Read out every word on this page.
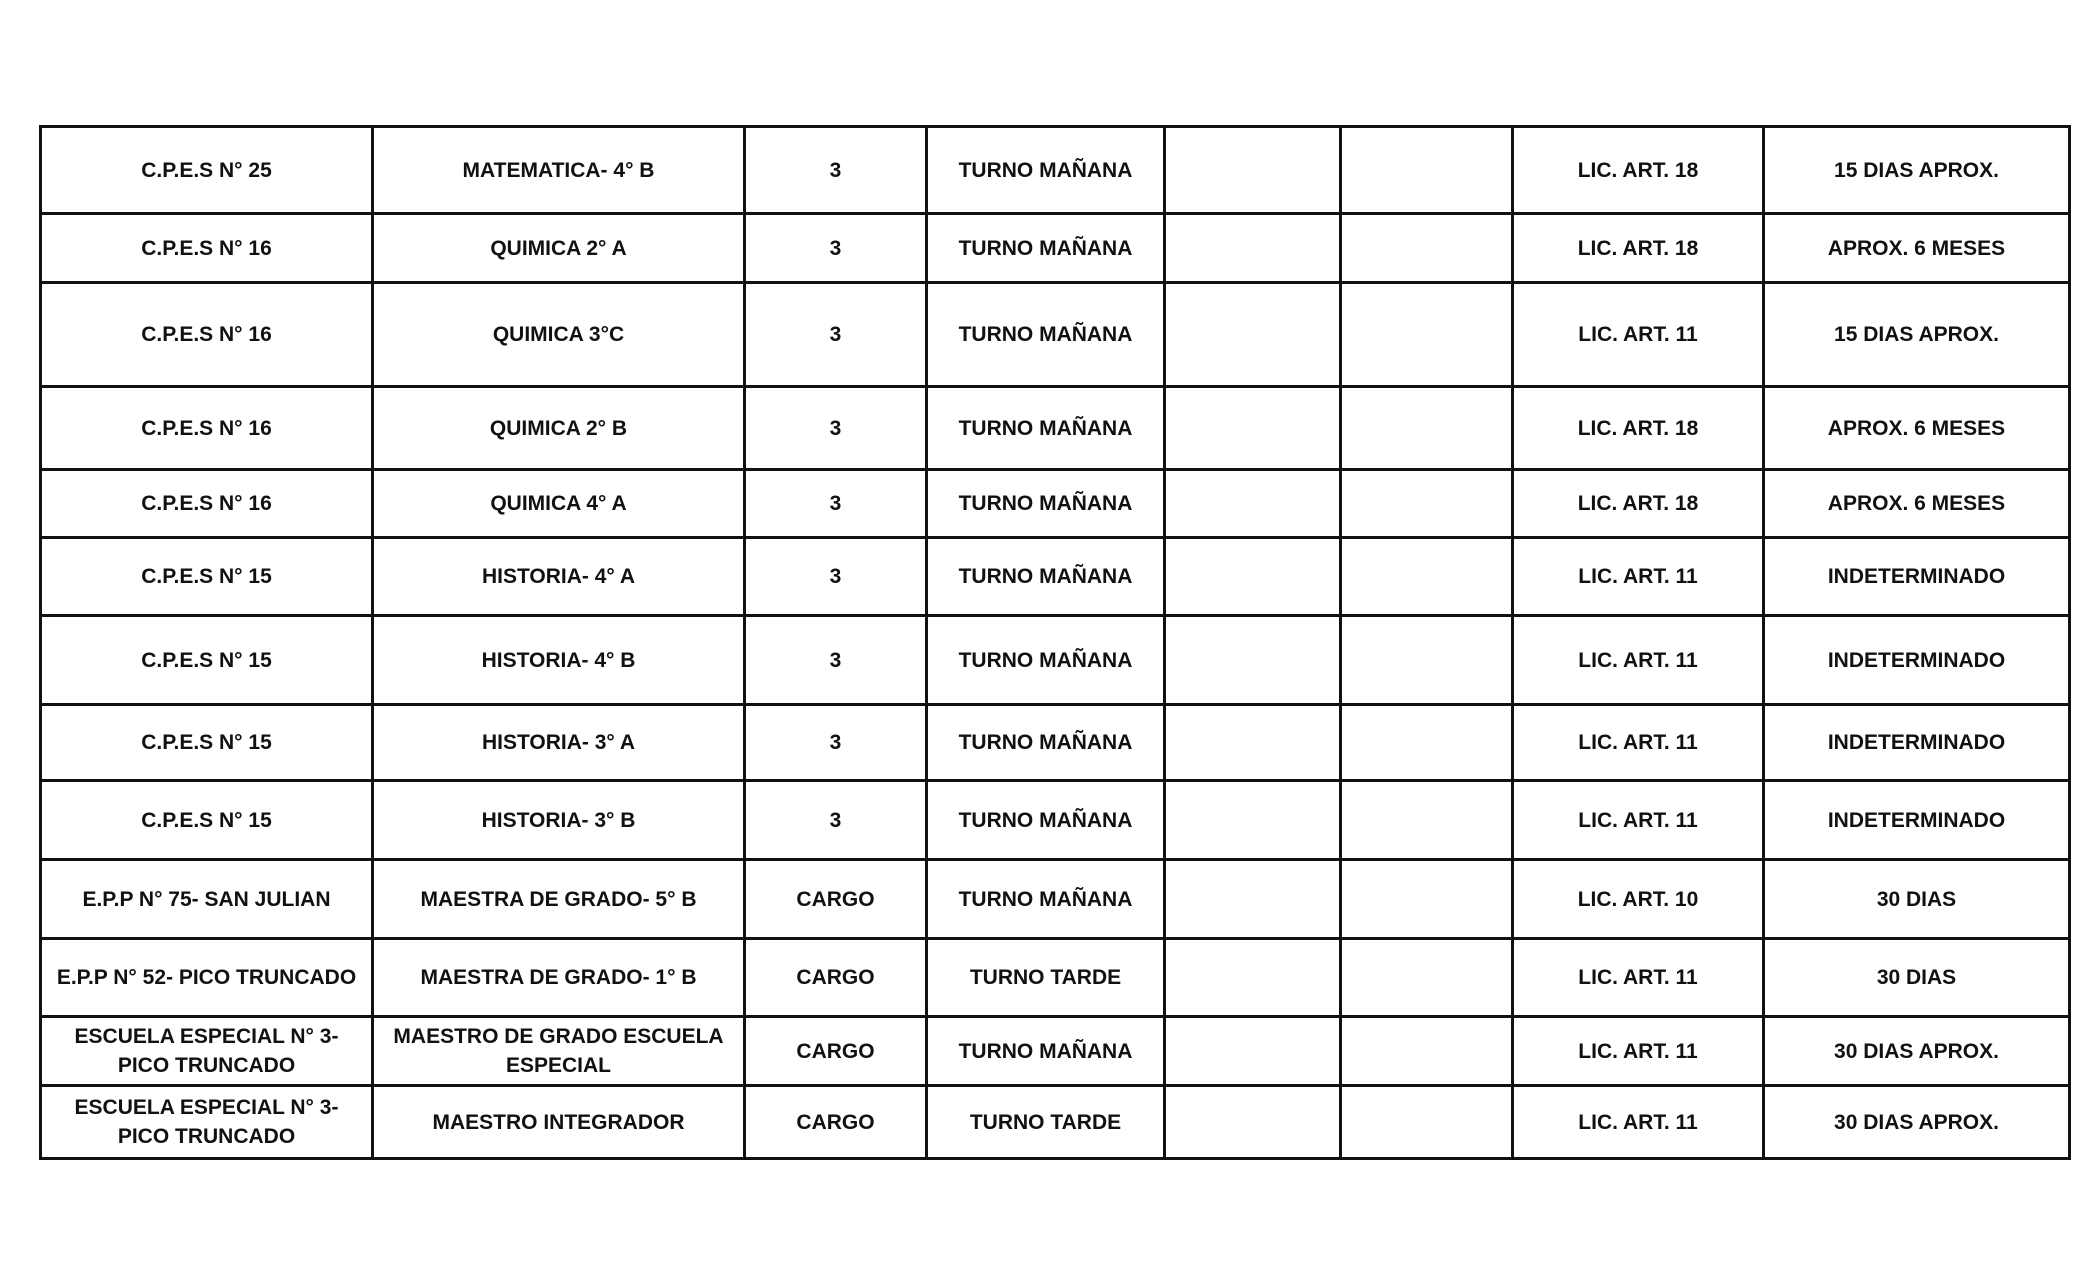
C.P.E.S N° 25	MATEMATICA- 4° B	3	TURNO MAÑANA			LIC. ART. 18	15 DIAS APROX.
C.P.E.S N° 16	QUIMICA 2° A	3	TURNO MAÑANA			LIC. ART. 18	APROX. 6 MESES
C.P.E.S N° 16	QUIMICA 3°C	3	TURNO MAÑANA			LIC. ART. 11	15 DIAS APROX.
C.P.E.S N° 16	QUIMICA 2° B	3	TURNO MAÑANA			LIC. ART. 18	APROX. 6 MESES
C.P.E.S N° 16	QUIMICA 4° A	3	TURNO MAÑANA			LIC. ART. 18	APROX. 6 MESES
C.P.E.S N° 15	HISTORIA- 4° A	3	TURNO MAÑANA			LIC. ART. 11	INDETERMINADO
C.P.E.S N° 15	HISTORIA- 4° B	3	TURNO MAÑANA			LIC. ART. 11	INDETERMINADO
C.P.E.S N° 15	HISTORIA- 3° A	3	TURNO MAÑANA			LIC. ART. 11	INDETERMINADO
C.P.E.S N° 15	HISTORIA- 3° B	3	TURNO MAÑANA			LIC. ART. 11	INDETERMINADO
E.P.P N° 75- SAN JULIAN	MAESTRA DE GRADO- 5° B	CARGO	TURNO MAÑANA			LIC. ART. 10	30 DIAS
E.P.P N° 52- PICO TRUNCADO	MAESTRA DE GRADO- 1° B	CARGO	TURNO TARDE			LIC. ART. 11	30 DIAS
ESCUELA ESPECIAL N° 3- PICO TRUNCADO	MAESTRO DE GRADO ESCUELA ESPECIAL	CARGO	TURNO MAÑANA			LIC. ART. 11	30 DIAS APROX.
ESCUELA ESPECIAL N° 3- PICO TRUNCADO	MAESTRO INTEGRADOR	CARGO	TURNO TARDE			LIC. ART. 11	30 DIAS APROX.
